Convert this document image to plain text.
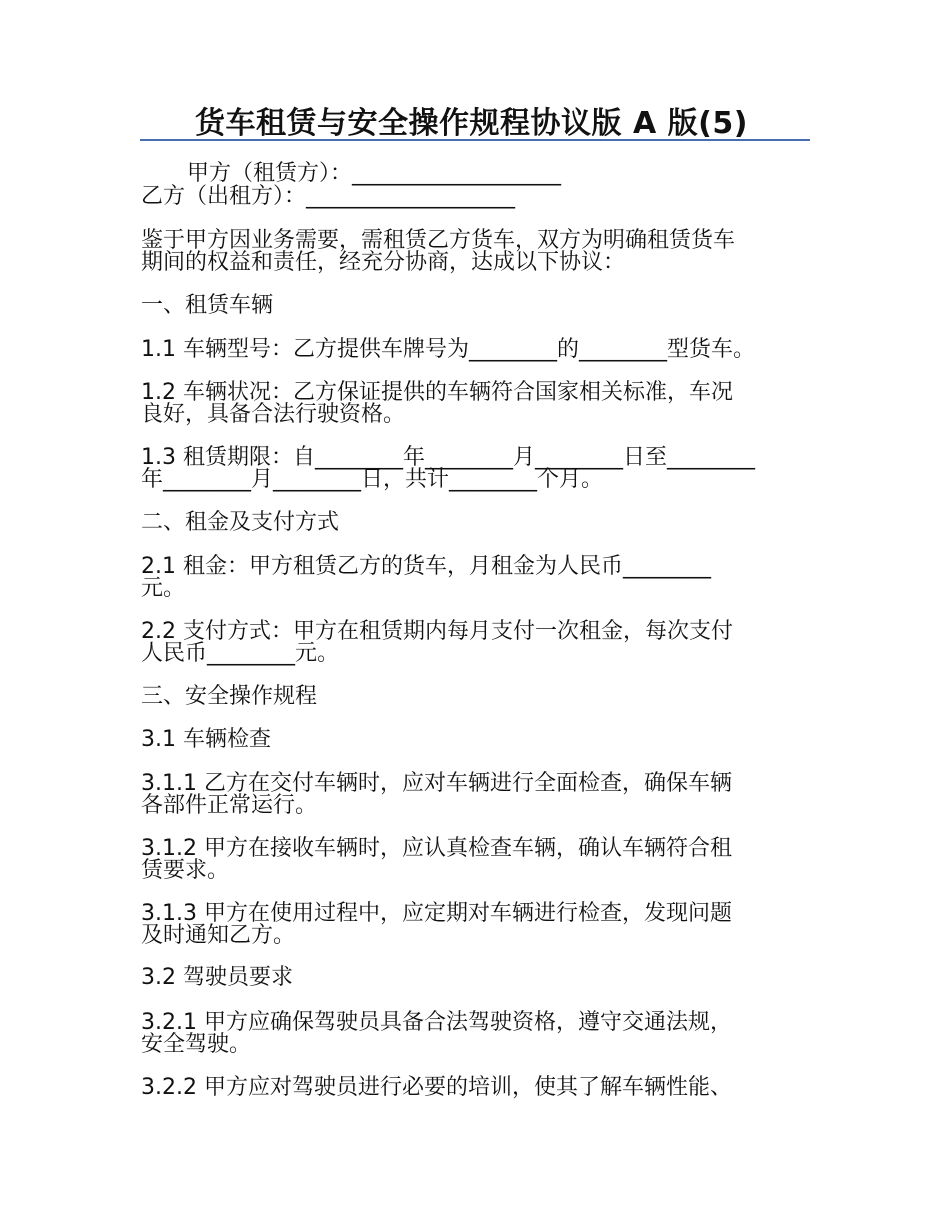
货车租赁与安全操作规程协议版 A 版(5)

甲方（租赁方）：___________________

乙方（出租方）：___________________

鉴于甲方因业务需要，需租赁乙方货车，双方为明确租赁货车

期间的权益和责任，经充分协商，达成以下协议：

一、租赁车辆

1.1 车辆型号：乙方提供车牌号为________的________型货车。

1.2 车辆状况：乙方保证提供的车辆符合国家相关标准，车况

良好，具备合法行驶资格。

1.3 租赁期限：自________年________月________日至________

年________月________日，共计________个月。

二、租金及支付方式

2.1 租金：甲方租赁乙方的货车，月租金为人民币________

元。

2.2 支付方式：甲方在租赁期内每月支付一次租金，每次支付

人民币________元。

三、安全操作规程

3.1 车辆检查

3.1.1 乙方在交付车辆时，应对车辆进行全面检查，确保车辆

各部件正常运行。

3.1.2 甲方在接收车辆时，应认真检查车辆，确认车辆符合租

赁要求。

3.1.3 甲方在使用过程中，应定期对车辆进行检查，发现问题

及时通知乙方。

3.2 驾驶员要求

3.2.1 甲方应确保驾驶员具备合法驾驶资格，遵守交通法规，

安全驾驶。

3.2.2 甲方应对驾驶员进行必要的培训，使其了解车辆性能、
